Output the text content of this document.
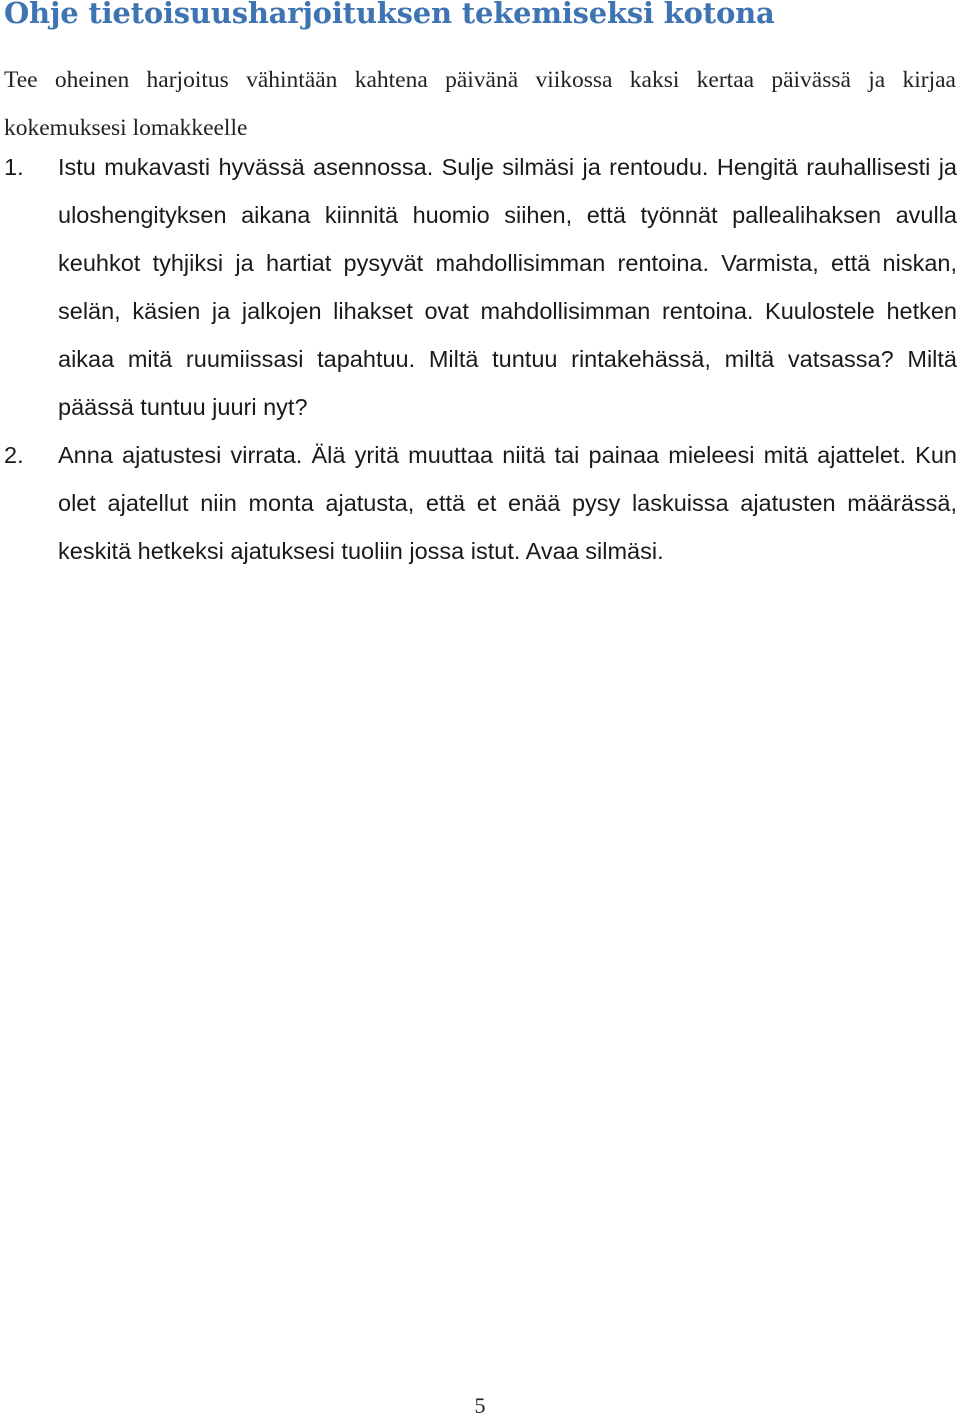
Ohje tietoisuusharjoituksen tekemiseksi kotona

Tee oheinen harjoitus vähintään kahtena päivänä viikossa kaksi kertaa päivässä ja kirjaa kokemuksesi lomakkeelle

1. Istu mukavasti hyvässä asennossa. Sulje silmäsi ja rentoudu. Hengitä rauhallisesti ja uloshengityksen aikana kiinnitä huomio siihen, että työnnät pallealihaksen avulla keuhkot tyhjiksi ja hartiat pysyvät mahdollisimman rentoina. Varmista, että niskan, selän, käsien ja jalkojen lihakset ovat mahdollisimman rentoina. Kuulostele hetken aikaa mitä ruumiissasi tapahtuu. Miltä tuntuu rintakehässä, miltä vatsassa? Miltä päässä tuntuu juuri nyt?
2. Anna ajatustesi virrata. Älä yritä muuttaa niitä tai painaa mieleesi mitä ajattelet. Kun olet ajatellut niin monta ajatusta, että et enää pysy laskuissa ajatusten määrässä, keskitä hetkeksi ajatuksesi tuoliin jossa istut. Avaa silmäsi.
5
